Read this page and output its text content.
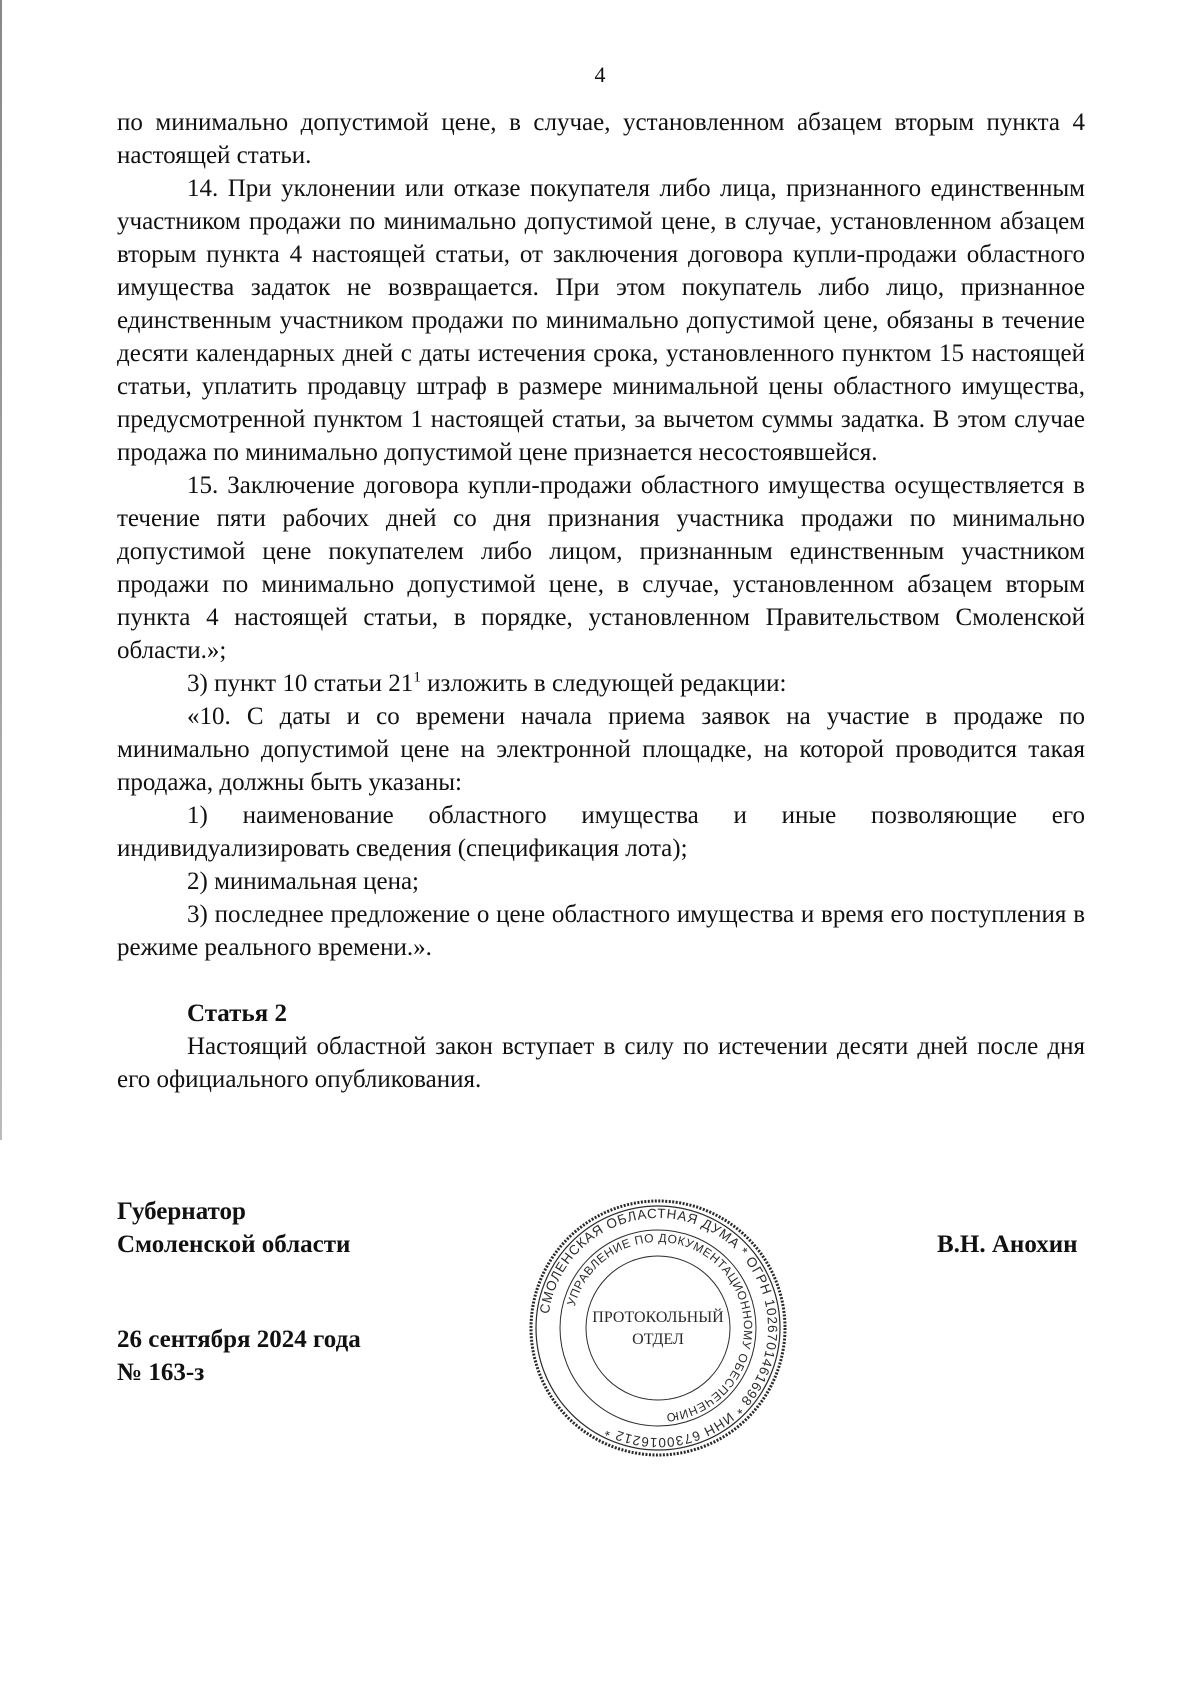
4

по минимально допустимой цене, в случае, установленном абзацем вторым пункта 4 настоящей статьи.

14. При уклонении или отказе покупателя либо лица, признанного единственным участником продажи по минимально допустимой цене, в случае, установленном абзацем вторым пункта 4 настоящей статьи, от заключения договора купли-продажи областного имущества задаток не возвращается. При этом покупатель либо лицо, признанное единственным участником продажи по минимально допустимой цене, обязаны в течение десяти календарных дней с даты истечения срока, установленного пунктом 15 настоящей статьи, уплатить продавцу штраф в размере минимальной цены областного имущества, предусмотренной пунктом 1 настоящей статьи, за вычетом суммы задатка. В этом случае продажа по минимально допустимой цене признается несостоявшейся.

15. Заключение договора купли-продажи областного имущества осуществляется в течение пяти рабочих дней со дня признания участника продажи по минимально допустимой цене покупателем либо лицом, признанным единственным участником продажи по минимально допустимой цене, в случае, установленном абзацем вторым пункта 4 настоящей статьи, в порядке, установленном Правительством Смоленской области.»;

3) пункт 10 статьи $21^1$ изложить в следующей редакции:

«10. С даты и со времени начала приема заявок на участие в продаже по минимально допустимой цене на электронной площадке, на которой проводится такая продажа, должны быть указаны:

1) наименование областного имущества и иные позволяющие его индивидуализировать сведения (спецификация лота);

2) минимальная цена;

3) последнее предложение о цене областного имущества и время его поступления в режиме реального времени.».

Статья 2

Настоящий областной закон вступает в силу по истечении десяти дней после дня его официального опубликования.

Губернатор
Смоленской области	В.Н. Анохин
26 сентября 2024 года
№ 163-з
СМОЛЕНСКАЯ ОБЛАСТНАЯ ДУМА * ОГРН 1026701461698 * ИНН 6730016212 *
УПРАВЛЕНИЕ ПО ДОКУМЕНТАЦИОННОМУ ОБЕСПЕЧЕНИЮ
ПРОТОКОЛЬНЫЙ
ОТДЕЛ
